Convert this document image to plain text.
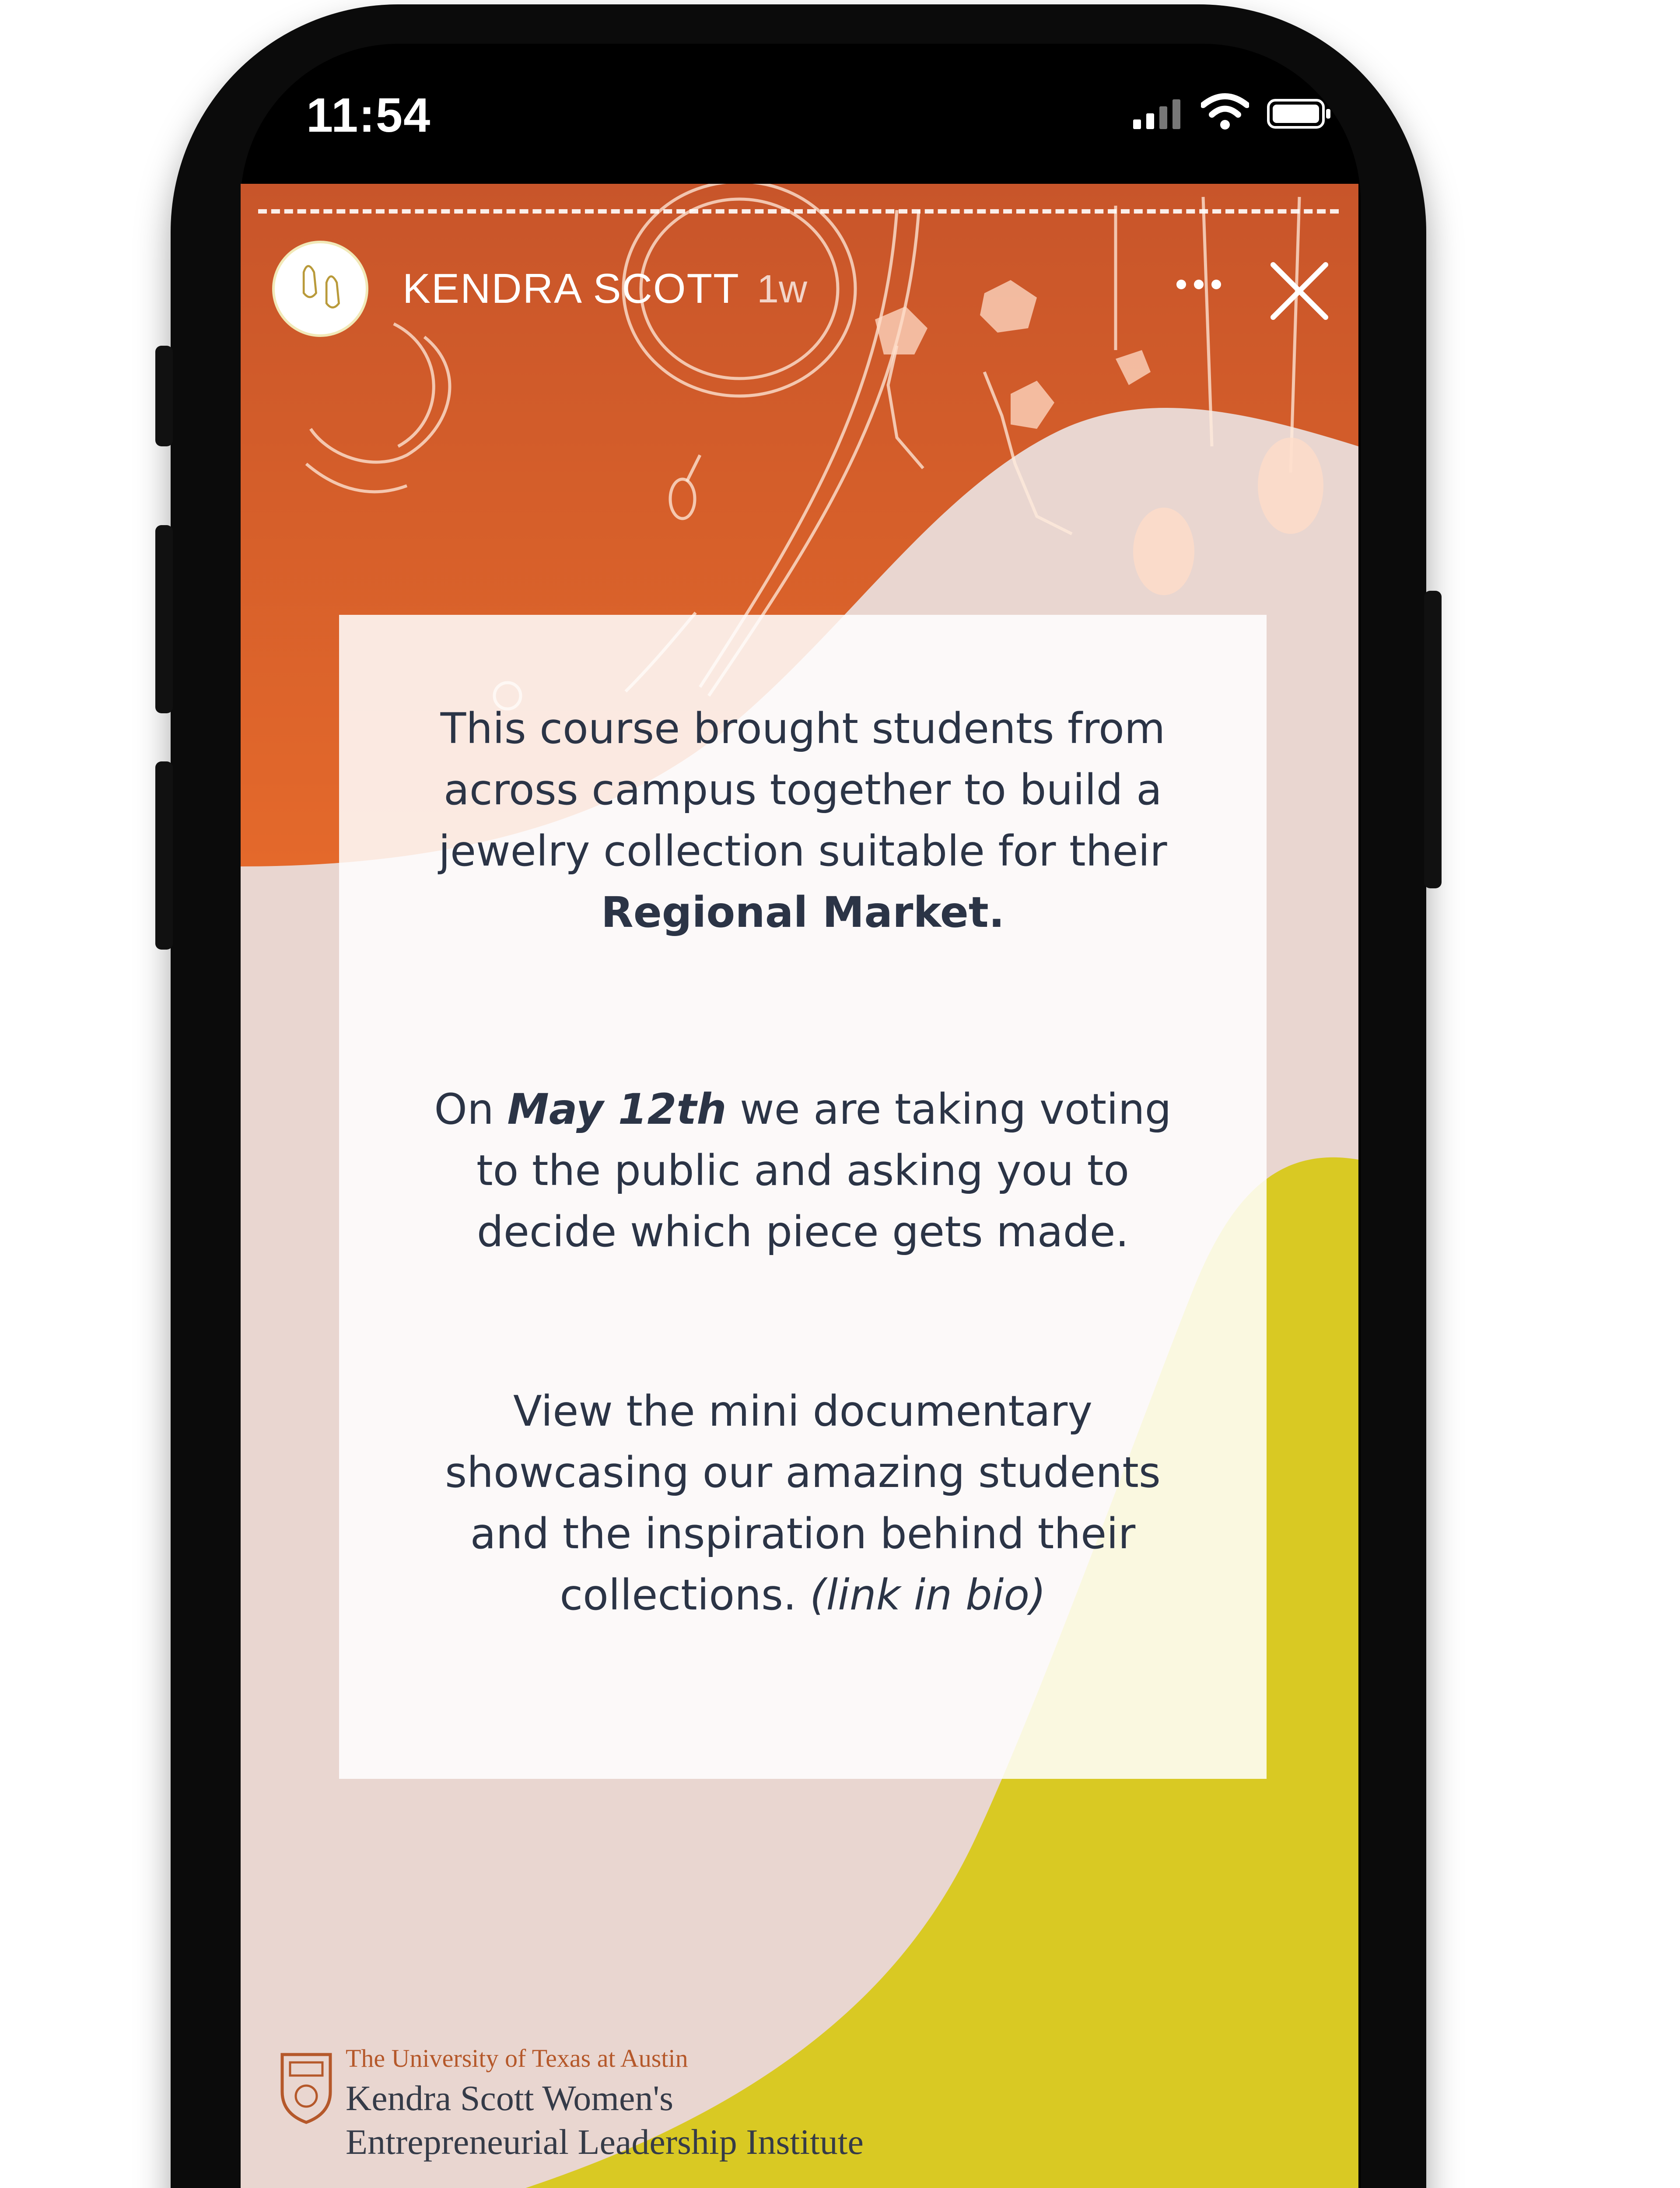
11:54
KENDRA SCOTT 1w
This course brought students from
across campus together to build a
jewelry collection suitable for their
Regional Market.
On May 12th we are taking voting
to the public and asking you to
decide which piece gets made.
View the mini documentary
showcasing our amazing students
and the inspiration behind their
collections. (link in bio)
The University of Texas at Austin
Kendra Scott Women's
Entrepreneurial Leadership Institute
